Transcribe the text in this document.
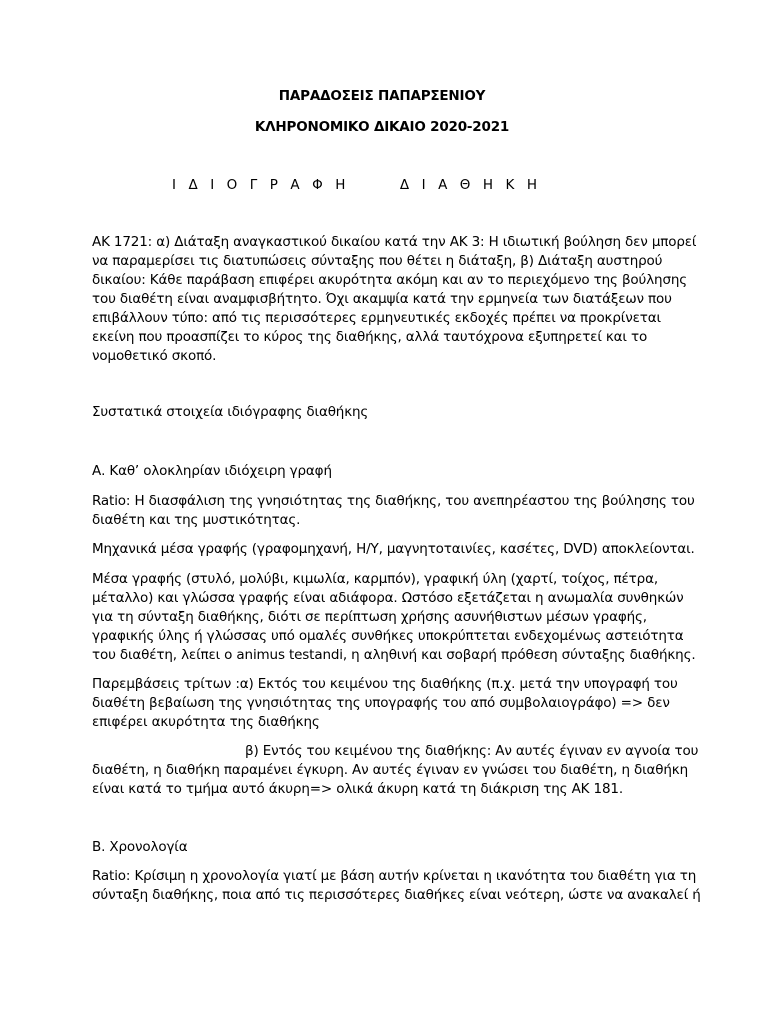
ΠΑΡΑΔΟΣΕΙΣ ΠΑΠΑΡΣΕΝΙΟΥ
ΚΛΗΡΟΝΟΜΙΚΟ ΔΙΚΑΙΟ 2020-2021
Ι Δ Ι Ο Γ Ρ Α Φ Η      Δ Ι Α Θ Η Κ Η
ΑΚ 1721: α) Διάταξη αναγκαστικού δικαίου κατά την ΑΚ 3: Η ιδιωτική βούληση δεν μπορεί
να παραμερίσει τις διατυπώσεις σύνταξης που θέτει η διάταξη, β) Διάταξη αυστηρού
δικαίου: Κάθε παράβαση επιφέρει ακυρότητα ακόμη και αν το περιεχόμενο της βούλησης
του διαθέτη είναι αναμφισβήτητο. Όχι ακαμψία κατά την ερμηνεία των διατάξεων που
επιβάλλουν τύπο: από τις περισσότερες ερμηνευτικές εκδοχές πρέπει να προκρίνεται
εκείνη που προασπίζει το κύρος της διαθήκης, αλλά ταυτόχρονα εξυπηρετεί και το
νομοθετικό σκοπό.
Συστατικά στοιχεία ιδιόγραφης διαθήκης
Α. Καθ’ ολοκληρίαν ιδιόχειρη γραφή
Ratio: Η διασφάλιση της γνησιότητας της διαθήκης, του ανεπηρέαστου της βούλησης του
διαθέτη και της μυστικότητας.
Μηχανικά μέσα γραφής (γραφομηχανή, Η/Υ, μαγνητοταινίες, κασέτες, DVD) αποκλείονται.
Μέσα γραφής (στυλό, μολύβι, κιμωλία, καρμπόν), γραφική ύλη (χαρτί, τοίχος, πέτρα,
μέταλλο) και γλώσσα γραφής είναι αδιάφορα. Ωστόσο εξετάζεται η ανωμαλία συνθηκών
για τη σύνταξη διαθήκης, διότι σε περίπτωση χρήσης ασυνήθιστων μέσων γραφής,
γραφικής ύλης ή γλώσσας υπό ομαλές συνθήκες υποκρύπτεται ενδεχομένως αστειότητα
του διαθέτη, λείπει ο animus testandi, η αληθινή και σοβαρή πρόθεση σύνταξης διαθήκης.
Παρεμβάσεις τρίτων :α) Εκτός του κειμένου της διαθήκης (π.χ. μετά την υπογραφή του
διαθέτη βεβαίωση της γνησιότητας της υπογραφής του από συμβολαιογράφο) => δεν
επιφέρει ακυρότητα της διαθήκης
β) Εντός του κειμένου της διαθήκης: Αν αυτές έγιναν εν αγνοία του
διαθέτη, η διαθήκη παραμένει έγκυρη. Αν αυτές έγιναν εν γνώσει του διαθέτη, η διαθήκη
είναι κατά το τμήμα αυτό άκυρη=> ολικά άκυρη κατά τη διάκριση της ΑΚ 181.
Β. Χρονολογία
Ratio: Κρίσιμη η χρονολογία γιατί με βάση αυτήν κρίνεται η ικανότητα του διαθέτη για τη
σύνταξη διαθήκης, ποια από τις περισσότερες διαθήκες είναι νεότερη, ώστε να ανακαλεί ή
